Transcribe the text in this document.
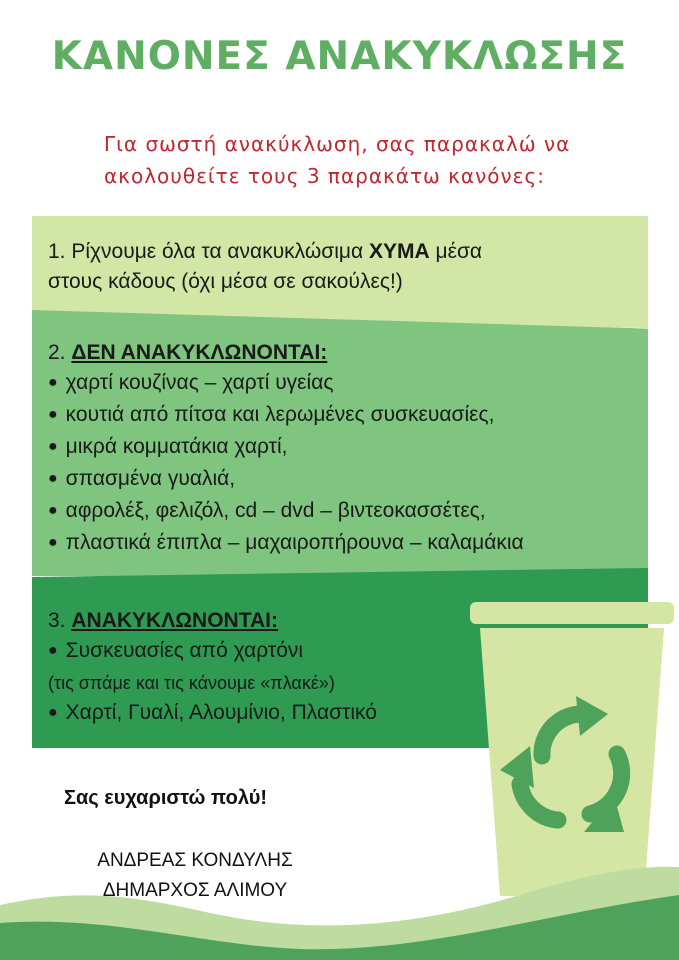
ΚΑΝΟΝΕΣ ΑΝΑΚΥΚΛΩΣΗΣ
Για σωστή ανακύκλωση, σας παρακαλώ να
ακολουθείτε τους 3 παρακάτω κανόνες:
1. Ρίχνουμε όλα τα ανακυκλώσιμα ΧΥΜΑ μέσα
στους κάδους (όχι μέσα σε σακούλες!)
2. ΔΕΝ ΑΝΑΚΥΚΛΩΝΟΝΤΑΙ:
● χαρτί κουζίνας – χαρτί υγείας
● κουτιά από πίτσα και λερωμένες συσκευασίες,
● μικρά κομματάκια χαρτί,
● σπασμένα γυαλιά,
● αφρολέξ, φελιζόλ, cd – dvd – βιντεοκασσέτες,
● πλαστικά έπιπλα – μαχαιροπήρουνα – καλαμάκια
3. ΑΝΑΚΥΚΛΩΝΟΝΤΑΙ:
● Συσκευασίες από χαρτόνι
(τις σπάμε και τις κάνουμε «πλακέ»)
● Χαρτί, Γυαλί, Αλουμίνιο, Πλαστικό
Σας ευχαριστώ πολύ!
ΑΝΔΡΕΑΣ ΚΟΝΔΥΛΗΣ
ΔΗΜΑΡΧΟΣ ΑΛΙΜΟΥ
